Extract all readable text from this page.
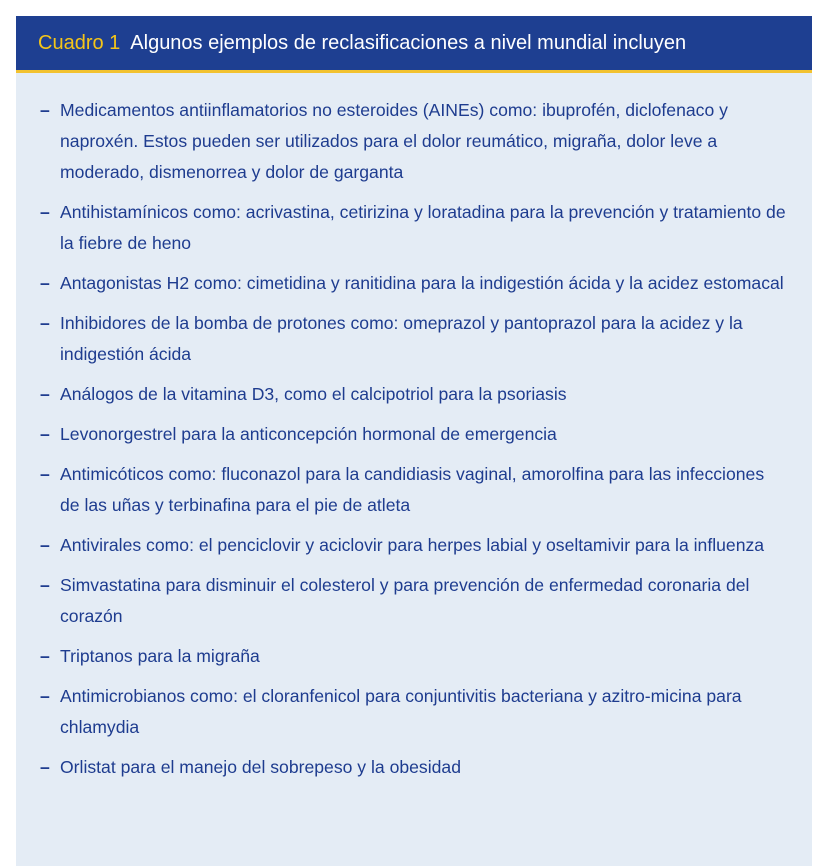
Cuadro 1 Algunos ejemplos de reclasificaciones a nivel mundial incluyen
– Medicamentos antiinflamatorios no esteroides (AINEs) como: ibuprofén, diclofenaco y naproxén. Estos pueden ser utilizados para el dolor reumático, migraña, dolor leve a moderado, dismenorrea y dolor de garganta
– Antihistamínicos como: acrivastina, cetirizina y loratadina para la prevención y tratamiento de la fiebre de heno
– Antagonistas H2 como: cimetidina y ranitidina para la indigestión ácida y la acidez estomacal
– Inhibidores de la bomba de protones como: omeprazol y pantoprazol para la acidez y la indigestión ácida
– Análogos de la vitamina D3, como el calcipotriol para la psoriasis
– Levonorgestrel para la anticoncepción hormonal de emergencia
– Antimicóticos como: fluconazol para la candidiasis vaginal, amorolfina para las infecciones de las uñas y terbinafina para el pie de atleta
– Antivirales como: el penciclovir y aciclovir para herpes labial y oseltamivir para la influenza
– Simvastatina para disminuir el colesterol y para prevención de enfermedad coronaria del corazón
– Triptanos para la migraña
– Antimicrobianos como: el cloranfenicol para conjuntivitis bacteriana y azitro-micina para chlamydia
– Orlistat para el manejo del sobrepeso y la obesidad
